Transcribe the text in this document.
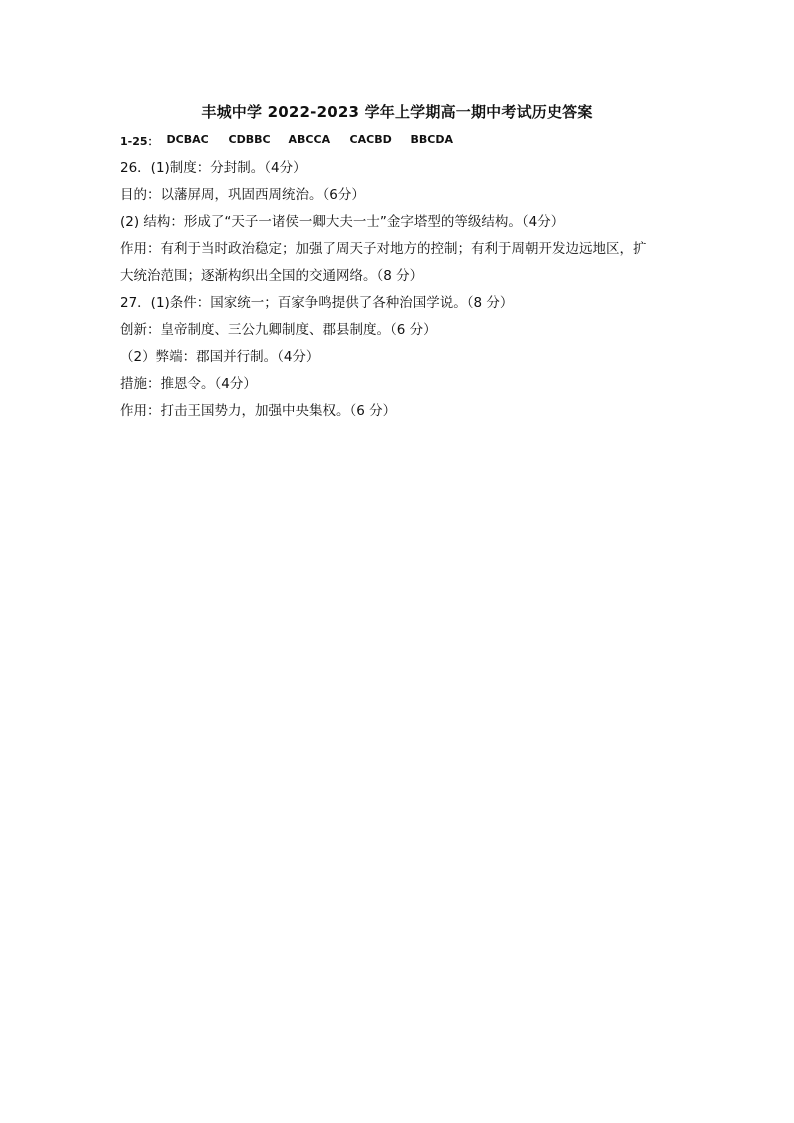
丰城中学 2022-2023 学年上学期高一期中考试历史答案
1-25： DCBAC	CDBBC	ABCCA	CACBD	BBCDA
26．(1)制度：分封制。（4分）
目的：以藩屏周，巩固西周统治。（6分）
(2) 结构：形成了“天子一诸侯一卿大夫一士”金字塔型的等级结构。（4分）
作用：有利于当时政治稳定；加强了周天子对地方的控制；有利于周朝开发边远地区，扩
大统治范围；逐渐构织出全国的交通网络。（8 分）
27．(1)条件：国家统一；百家争鸣提供了各种治国学说。（8 分）
创新：皇帝制度、三公九卿制度、郡县制度。（6 分）
（2）弊端：郡国并行制。（4分）
措施：推恩令。（4分）
作用：打击王国势力，加强中央集权。（6 分）
